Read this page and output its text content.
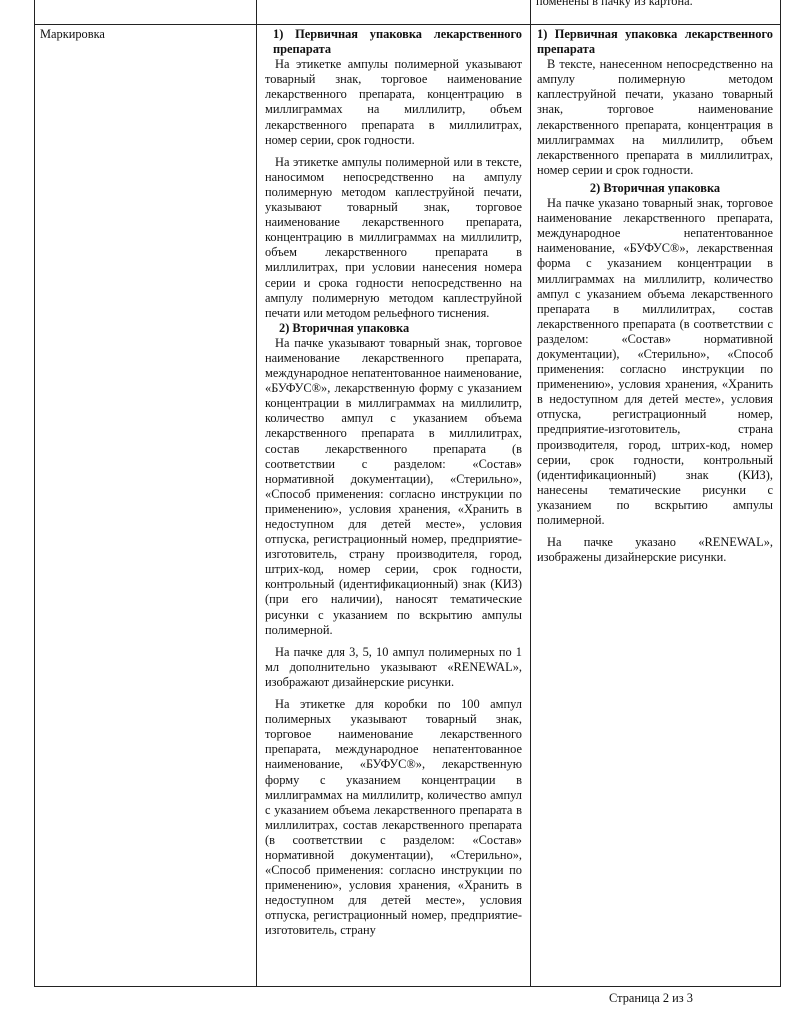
поменены в пачку из картона.

Маркировка	1) Первичная упаковка лекарственного препарата

На этикетке ампулы полимерной указывают товарный знак, торговое наименование лекарственного препарата, концентрацию в миллиграммах на миллилитр, объем лекарственного препарата в миллилитрах, номер серии, срок годности.

На этикетке ампулы полимерной или в тексте, наносимом непосредственно на ампулу полимерную методом каплеструйной печати, указывают товарный знак, торговое наименование лекарственного препарата, концентрацию в миллиграммах на миллилитр, объем лекарственного препарата в миллилитрах, при условии нанесения номера серии и срока годности непосредственно на ампулу полимерную методом каплеструйной печати или методом рельефного тиснения.

2) Вторичная упаковка

На пачке указывают товарный знак, торговое наименование лекарственного препарата, международное непатентованное наименование, «БУФУС®», лекарственную форму с указанием концентрации в миллиграммах на миллилитр, количество ампул с указанием объема лекарственного препарата в миллилитрах, состав лекарственного препарата (в соответствии с разделом: «Состав» нормативной документации), «Стерильно», «Способ применения: согласно инструкции по применению», условия хранения, «Хранить в недоступном для детей месте», условия отпуска, регистрационный номер, предприятие-изготовитель, страну производителя, город, штрих-код, номер серии, срок годности, контрольный (идентификационный) знак (КИЗ) (при его наличии), наносят тематические рисунки с указанием по вскрытию ампулы полимерной.

На пачке для 3, 5, 10 ампул полимерных по 1 мл дополнительно указывают «RENEWAL», изображают дизайнерские рисунки.

На этикетке для коробки по 100 ампул полимерных указывают товарный знак, торговое наименование лекарственного препарата, международное непатентованное наименование, «БУФУС®», лекарственную форму с указанием концентрации в миллиграммах на миллилитр, количество ампул с указанием объема лекарственного препарата в миллилитрах, состав лекарственного препарата (в соответствии с разделом: «Состав» нормативной документации), «Стерильно», «Способ применения: согласно инструкции по применению», условия хранения, «Хранить в недоступном для детей месте», условия отпуска, регистрационный номер, предприятие-изготовитель, страну

1) Первичная упаковка лекарственного препарата

В тексте, нанесенном непосредственно на ампулу полимерную методом каплеструйной печати, указано товарный знак, торговое наименование лекарственного препарата, концентрация в миллиграммах на миллилитр, объем лекарственного препарата в миллилитрах, номер серии и срок годности.

2) Вторичная упаковка

На пачке указано товарный знак, торговое наименование лекарственного препарата, международное непатентованное наименование, «БУФУС®», лекарственная форма с указанием концентрации в миллиграммах на миллилитр, количество ампул с указанием объема лекарственного препарата в миллилитрах, состав лекарственного препарата (в соответствии с разделом: «Состав» нормативной документации), «Стерильно», «Способ применения: согласно инструкции по применению», условия хранения, «Хранить в недоступном для детей месте», условия отпуска, регистрационный номер, предприятие-изготовитель, страна производителя, город, штрих-код, номер серии, срок годности, контрольный (идентификационный) знак (КИЗ), нанесены тематические рисунки с указанием по вскрытию ампулы полимерной.

На пачке указано «RENEWAL», изображены дизайнерские рисунки.

Страница 2 из 3
